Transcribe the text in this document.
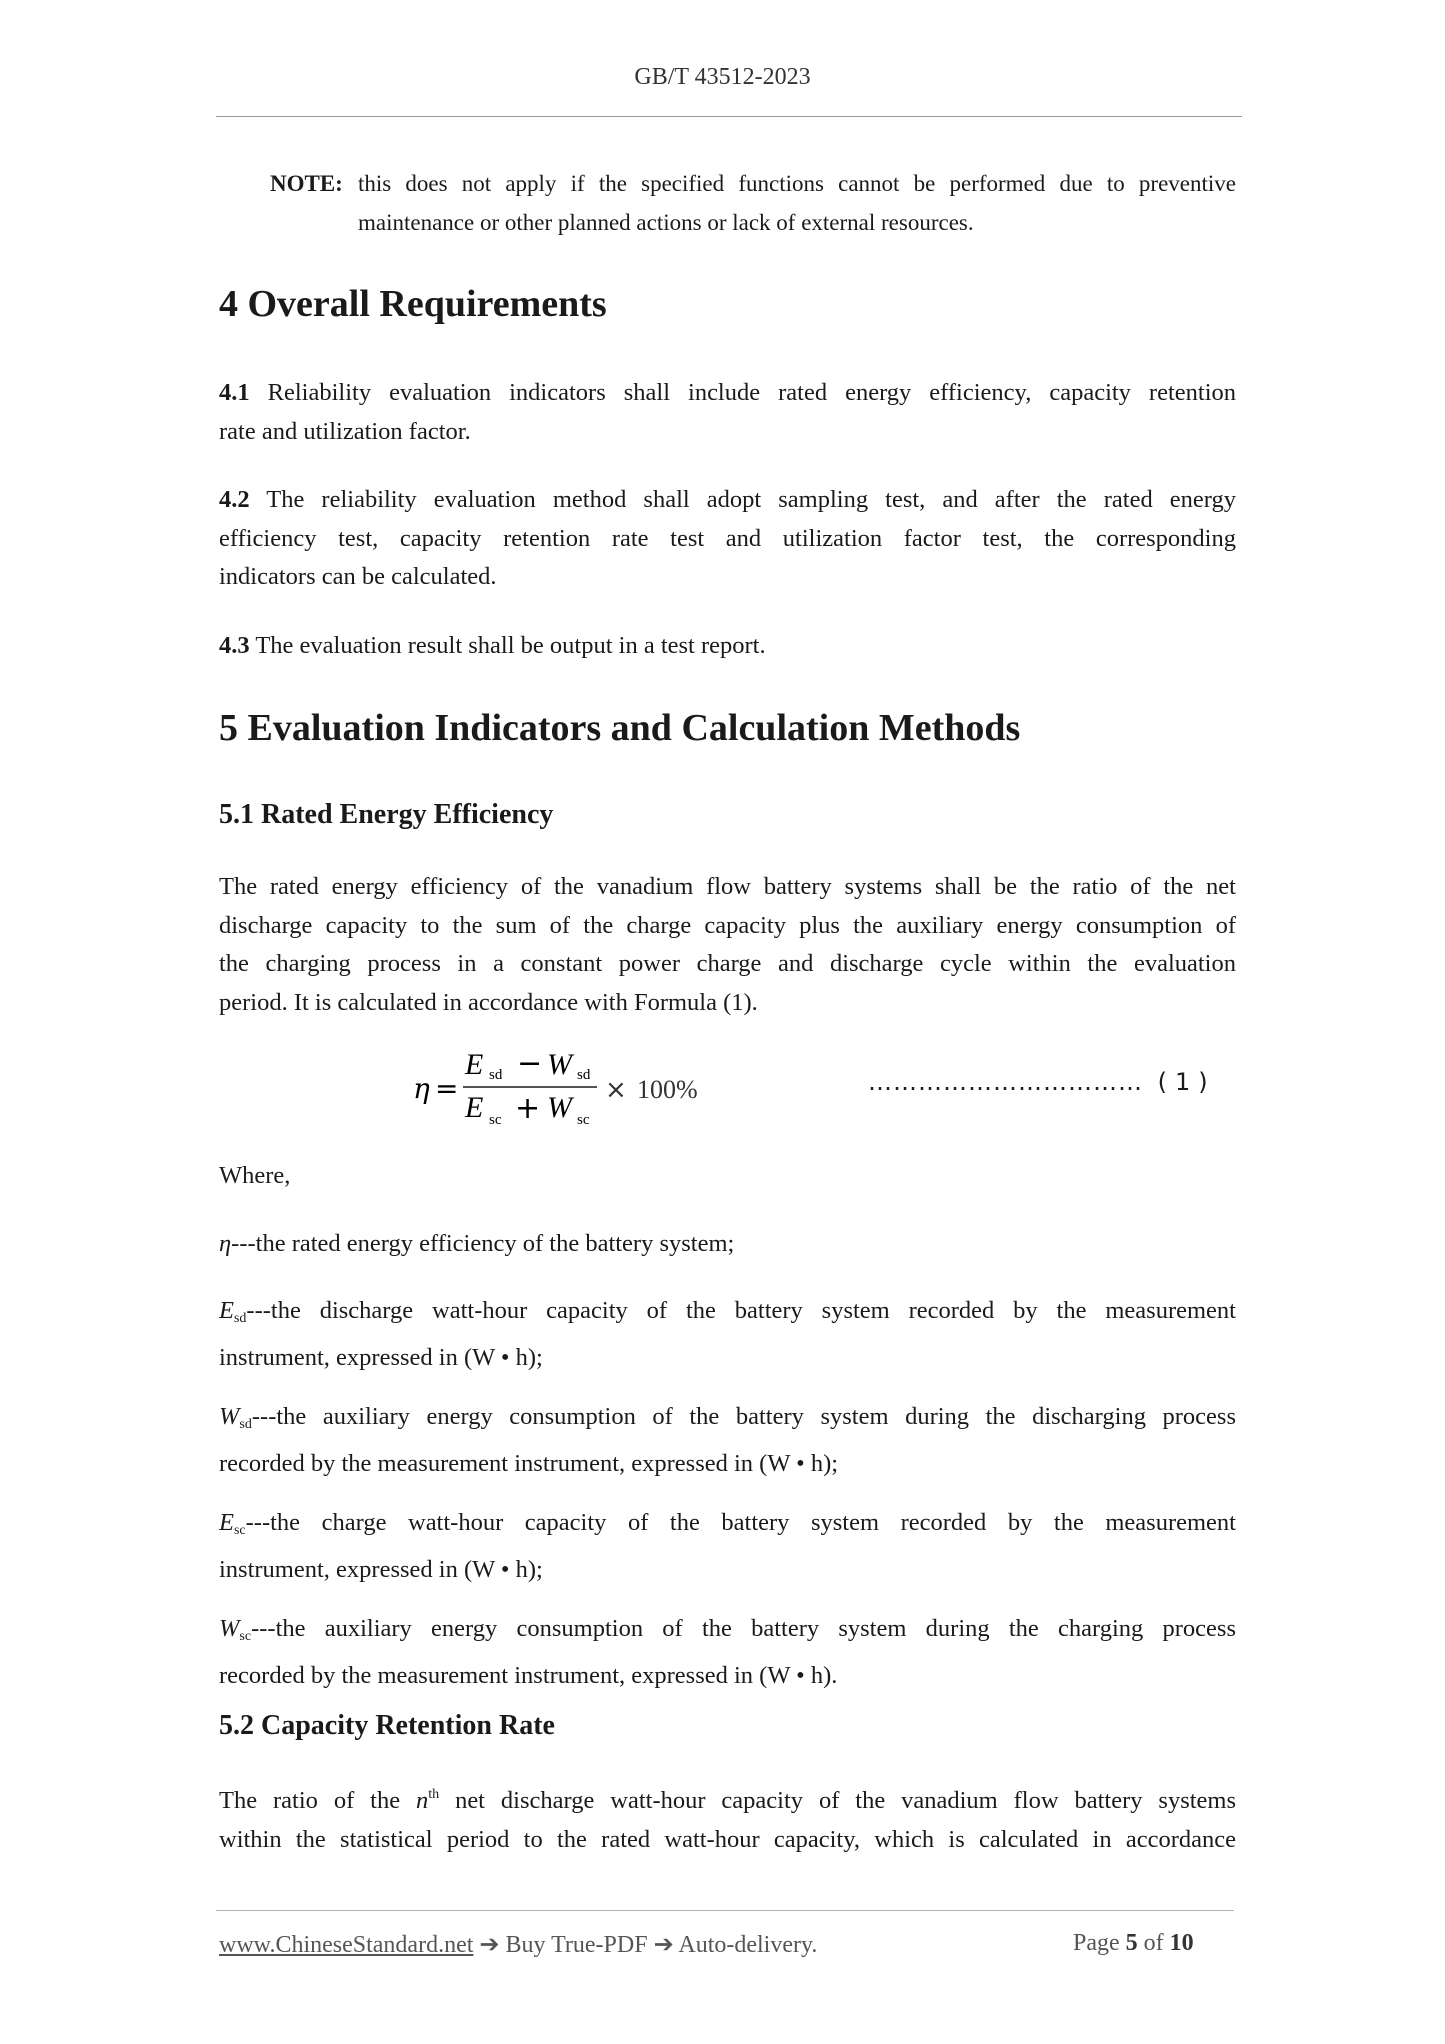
GB/T 43512-2023
NOTE: this does not apply if the specified functions cannot be performed due to preventive
maintenance or other planned actions or lack of external resources.
4 Overall Requirements
4.1 Reliability evaluation indicators shall include rated energy efficiency, capacity retention
rate and utilization factor.
4.2 The reliability evaluation method shall adopt sampling test, and after the rated energy
efficiency test, capacity retention rate test and utilization factor test, the corresponding
indicators can be calculated.
4.3 The evaluation result shall be output in a test report.
5 Evaluation Indicators and Calculation Methods
5.1 Rated Energy Efficiency
The rated energy efficiency of the vanadium flow battery systems shall be the ratio of the net
discharge capacity to the sum of the charge capacity plus the auxiliary energy consumption of
the charging process in a constant power charge and discharge cycle within the evaluation
period. It is calculated in accordance with Formula (1).
η =
E sd − W sd
E sc + W sc
× 100%	…………………………… (1)
Where,
η---the rated energy efficiency of the battery system;
$E_{sd}--$-the discharge watt-hour capacity of the battery system recorded by the measurement
instrument, expressed in (W • h);
$W_{sd}--$-the auxiliary energy consumption of the battery system during the discharging process
recorded by the measurement instrument, expressed in (W • h);
$E_{sc}--$-the charge watt-hour capacity of the battery system recorded by the measurement
instrument, expressed in (W • h);
$W_{sc}--$-the auxiliary energy consumption of the battery system during the charging process
recorded by the measurement instrument, expressed in (W • h).
5.2 Capacity Retention Rate
The ratio of the $n^{th}$ net discharge watt-hour capacity of the vanadium flow battery systems
within the statistical period to the rated watt-hour capacity, which is calculated in accordance
www.ChineseStandard.net ➔ Buy True-PDF ➔ Auto-delivery.	Page 5 of 10
